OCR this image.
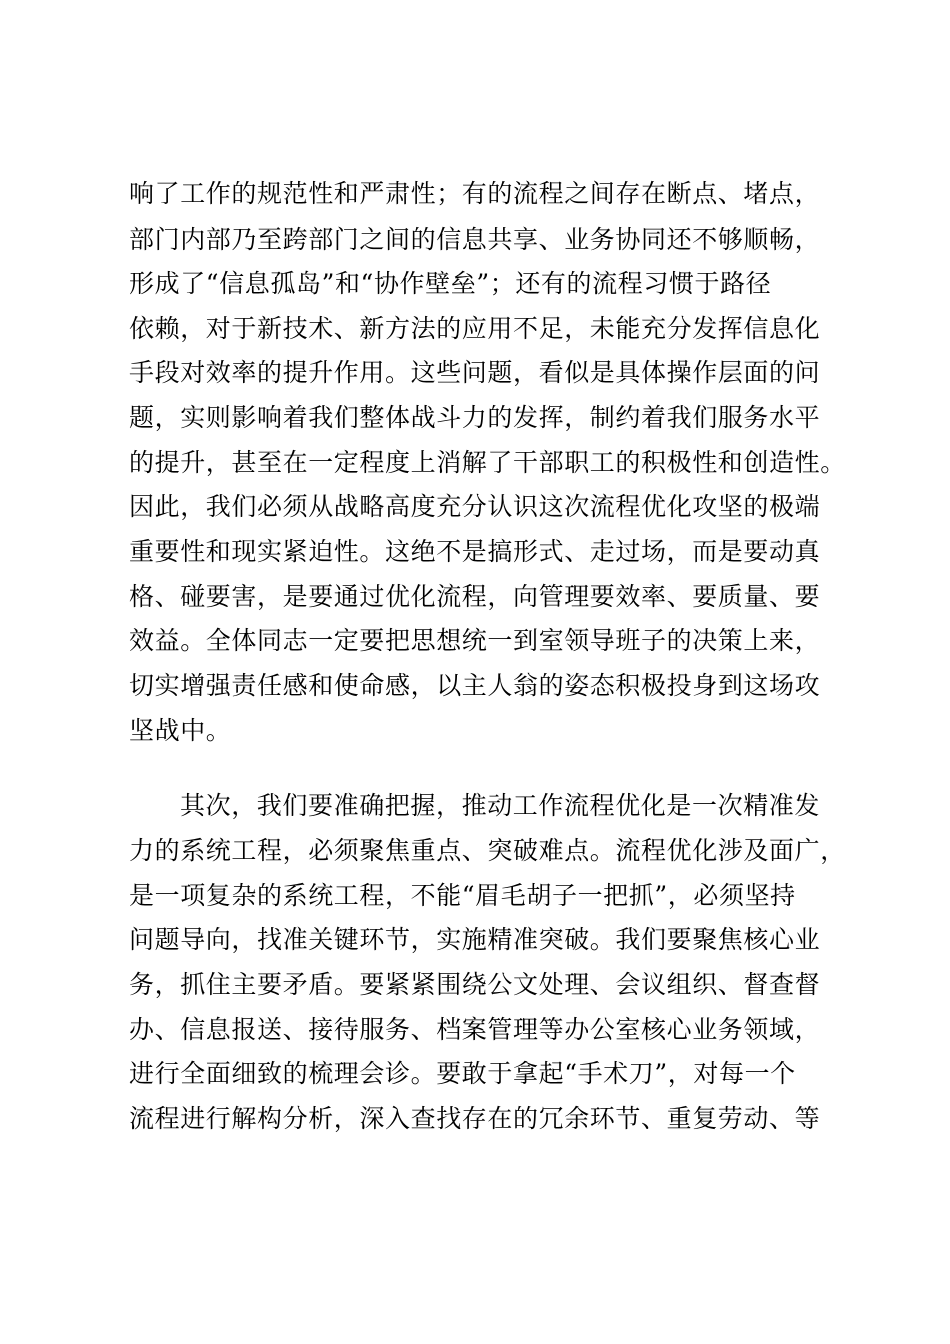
响了工作的规范性和严肃性；有的流程之间存在断点、堵点，
部门内部乃至跨部门之间的信息共享、业务协同还不够顺畅，
形成了“信息孤岛”和“协作壁垒”；还有的流程习惯于路径
依赖，对于新技术、新方法的应用不足，未能充分发挥信息化
手段对效率的提升作用。这些问题，看似是具体操作层面的问
题，实则影响着我们整体战斗力的发挥，制约着我们服务水平
的提升，甚至在一定程度上消解了干部职工的积极性和创造性。
因此，我们必须从战略高度充分认识这次流程优化攻坚的极端
重要性和现实紧迫性。这绝不是搞形式、走过场，而是要动真
格、碰要害，是要通过优化流程，向管理要效率、要质量、要
效益。全体同志一定要把思想统一到室领导班子的决策上来，
切实增强责任感和使命感，以主人翁的姿态积极投身到这场攻
坚战中。
其次，我们要准确把握，推动工作流程优化是一次精准发
力的系统工程，必须聚焦重点、突破难点。流程优化涉及面广，
是一项复杂的系统工程，不能“眉毛胡子一把抓”，必须坚持
问题导向，找准关键环节，实施精准突破。我们要聚焦核心业
务，抓住主要矛盾。要紧紧围绕公文处理、会议组织、督查督
办、信息报送、接待服务、档案管理等办公室核心业务领域，
进行全面细致的梳理会诊。要敢于拿起“手术刀”，对每一个
流程进行解构分析，深入查找存在的冗余环节、重复劳动、等
